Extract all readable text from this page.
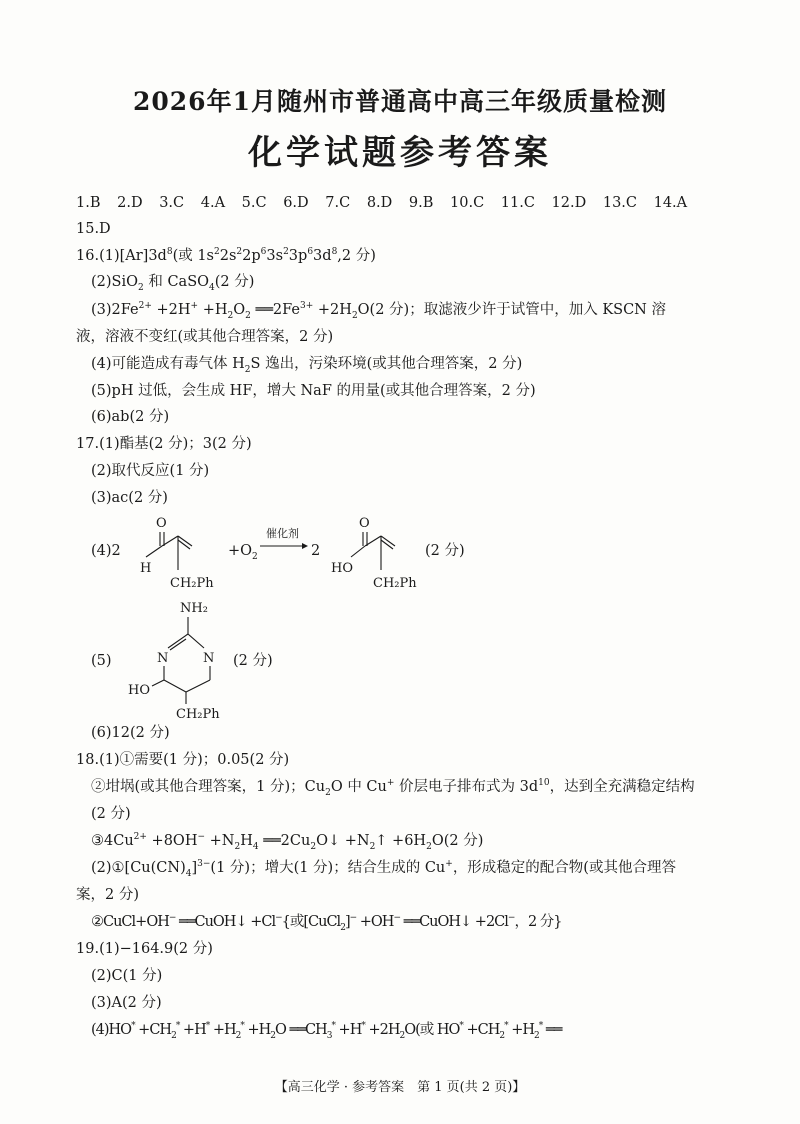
2026年1月随州市普通高中高三年级质量检测
化学试题参考答案
1.B 2.D 3.C 4.A 5.C 6.D 7.C 8.D 9.B 10.C 11.C 12.D 13.C 14.A
15.D
$16.(1)[Ar]3d^8$(或 $1s^22s^22p^63s^23p^63d^8,2$ 分)
(2)SiO$_2$ 和 CaSO$_4$(2 分)
$(3)2Fe^{2+} +2H^+ +H_2O_2$ $══2Fe^{3+} +2H_2O(2$ 分)；取滤液少许于试管中，加入 KSCN 溶
液，溶液不变红(或其他合理答案，2 分)
(4)可能造成有毒气体 $H_2S$ 逸出，污染环境(或其他合理答案，2 分)
(5)pH 过低，会生成 HF，增大 NaF 的用量(或其他合理答案，2 分)
(6)ab(2 分)
17.(1)酯基(2 分)；3(2 分)
(2)取代反应(1 分)
(3)ac(2 分)
(4)2
O
H
CH₂Ph
$+O_2$
催化剂
→ 2
O
HO
CH₂Ph
(2 分)
(5)
NH₂
N	N
HO
CH₂Ph
(2 分)
(6)12(2 分)
18.(1)①需要(1 分)；0.05(2 分)
②坩埚(或其他合理答案，1 分)；$Cu_2O$ 中 Cu+ 价层电子排布式为 $3d^{10}$，达到全充满稳定结构
(2 分)
$③4Cu^{2+} +8OH^- +N_2H_4$ $══2Cu_2O↓$ $+N_2↑ +6H_2O(2$ 分)
$(2)①[Cu(CN)_4]^{3-}(1$ 分)；增大(1 分)；结合生成的 Cu+，形成稳定的配合物(或其他合理答
案，2 分)
②CuCl+OH− ══CuOH↓ +Cl−{或[CuCl$_2$]− +OH− ══CuOH↓ +2Cl−，2 分}
19.(1)−164.9(2 分)
(2)C(1 分)
(3)A(2 分)
$(4)HO^* +CH_2^* +H^* +H_2^* +H_2O$ $══CH_3^* +H^* +2H_2O$(或 $HO^* +CH_2^* +H_2^*$ ══
【高三化学 · 参考答案　第 1 页(共 2 页)】
